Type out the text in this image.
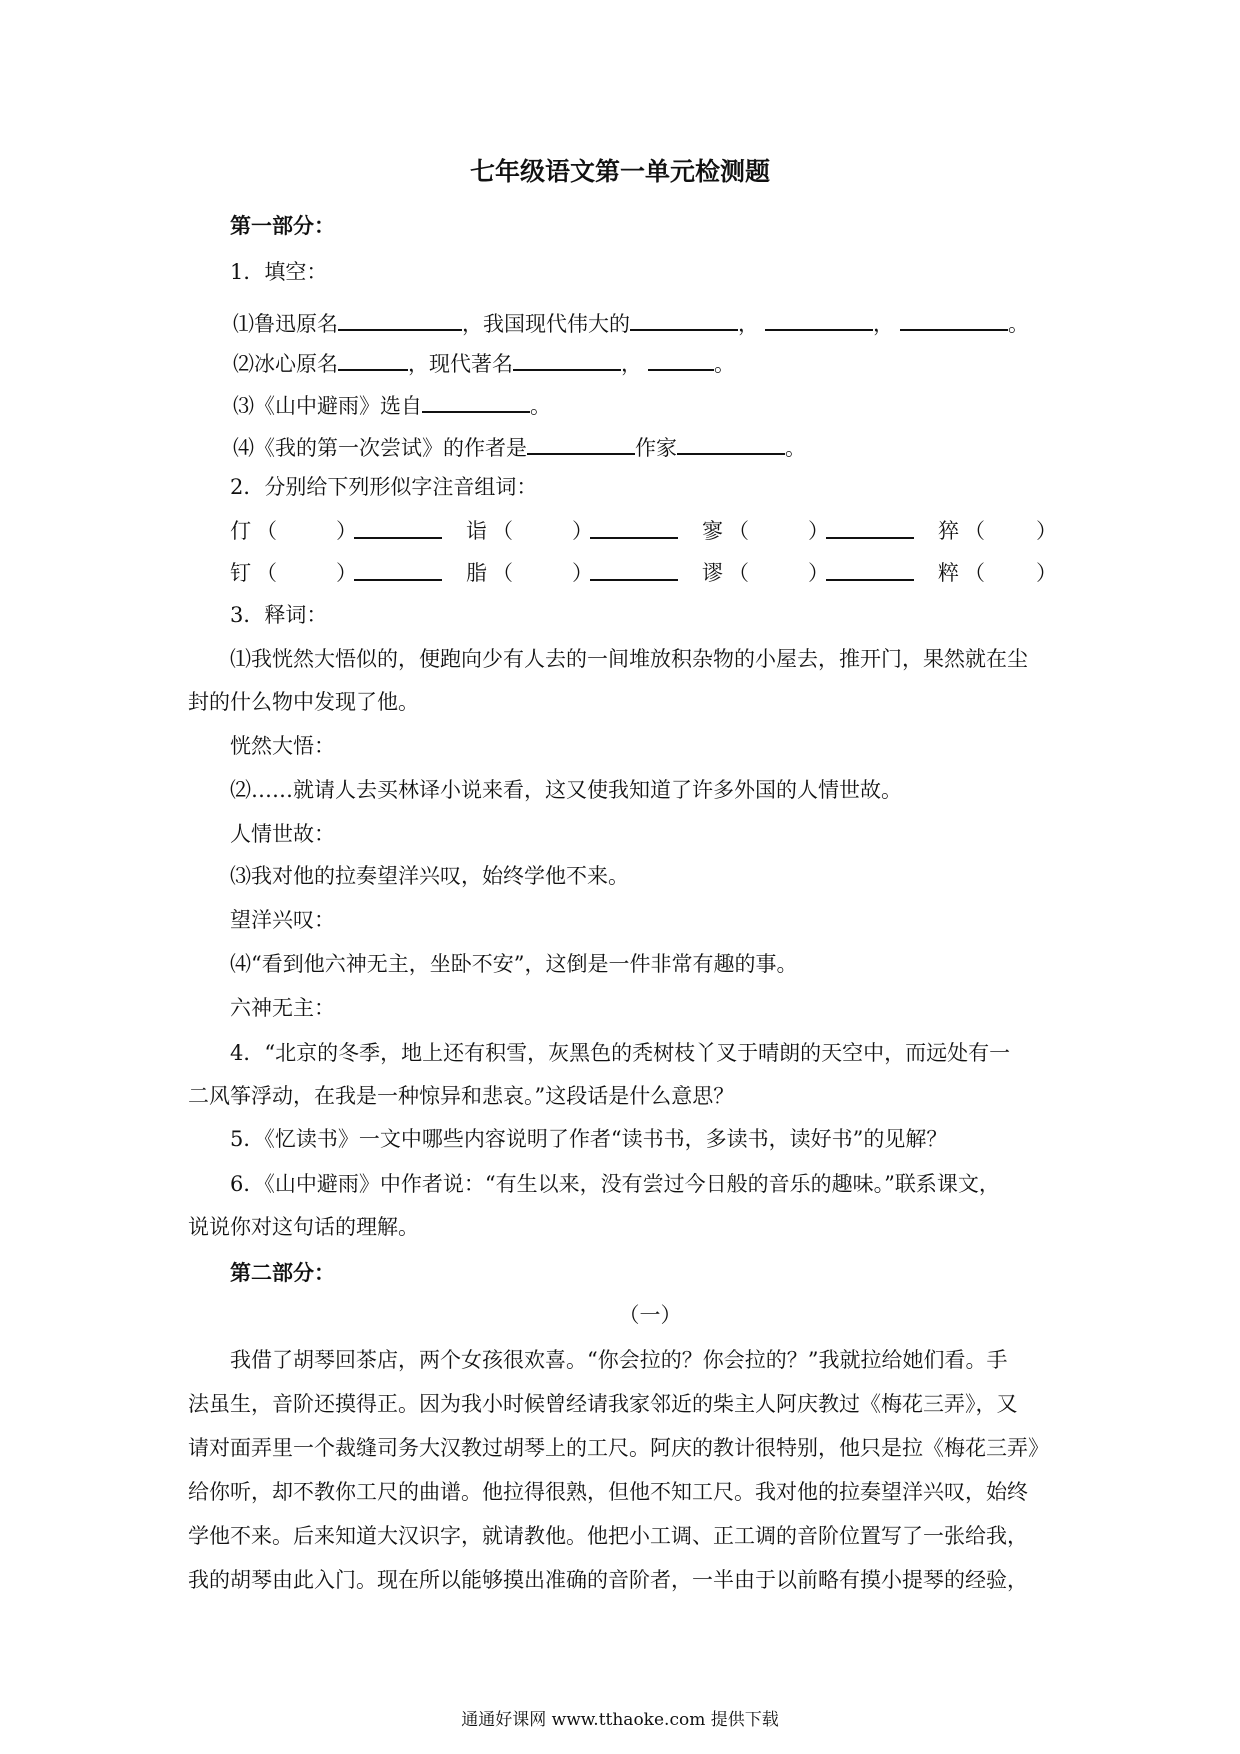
七年级语文第一单元检测题
第一部分：
1．填空：
⑴鲁迅原名	，我国现代伟大的	，	，	。
⑵冰心原名	，现代著名	，	。
⑶《山中避雨》选自	。
⑷《我的第一次尝试》的作者是	作家	。
2．分别给下列形似字注音组词：
仃 （	）	诣 （	）	寥 （	）	猝 （ ）
钉 （	）	脂 （	）	谬 （	）	粹 （ ）
3．释词：
⑴我恍然大悟似的，便跑向少有人去的一间堆放积杂物的小屋去，推开门，果然就在尘
封的什么物中发现了他。
恍然大悟：
⑵……就请人去买林译小说来看，这又使我知道了许多外国的人情世故。
人情世故：
⑶我对他的拉奏望洋兴叹，始终学他不来。
望洋兴叹：
⑷“看到他六神无主，坐卧不安”，这倒是一件非常有趣的事。
六神无主：
4．“北京的冬季，地上还有积雪，灰黑色的秃树枝丫叉于晴朗的天空中，而远处有一
二风筝浮动，在我是一种惊异和悲哀。”这段话是什么意思？
5．《忆读书》一文中哪些内容说明了作者“读书书，多读书，读好书”的见解？
6．《山中避雨》中作者说：“有生以来，没有尝过今日般的音乐的趣味。”联系课文，
说说你对这句话的理解。
第二部分：
（一）
我借了胡琴回茶店，两个女孩很欢喜。“你会拉的？你会拉的？”我就拉给她们看。手
法虽生，音阶还摸得正。因为我小时候曾经请我家邻近的柴主人阿庆教过《梅花三弄》，又
请对面弄里一个裁缝司务大汉教过胡琴上的工尺。阿庆的教计很特别，他只是拉《梅花三弄》
给你听，却不教你工尺的曲谱。他拉得很熟，但他不知工尺。我对他的拉奏望洋兴叹，始终
学他不来。后来知道大汉识字，就请教他。他把小工调、正工调的音阶位置写了一张给我，
我的胡琴由此入门。现在所以能够摸出准确的音阶者，一半由于以前略有摸小提琴的经验，
通通好课网 www.tthaoke.com 提供下载
